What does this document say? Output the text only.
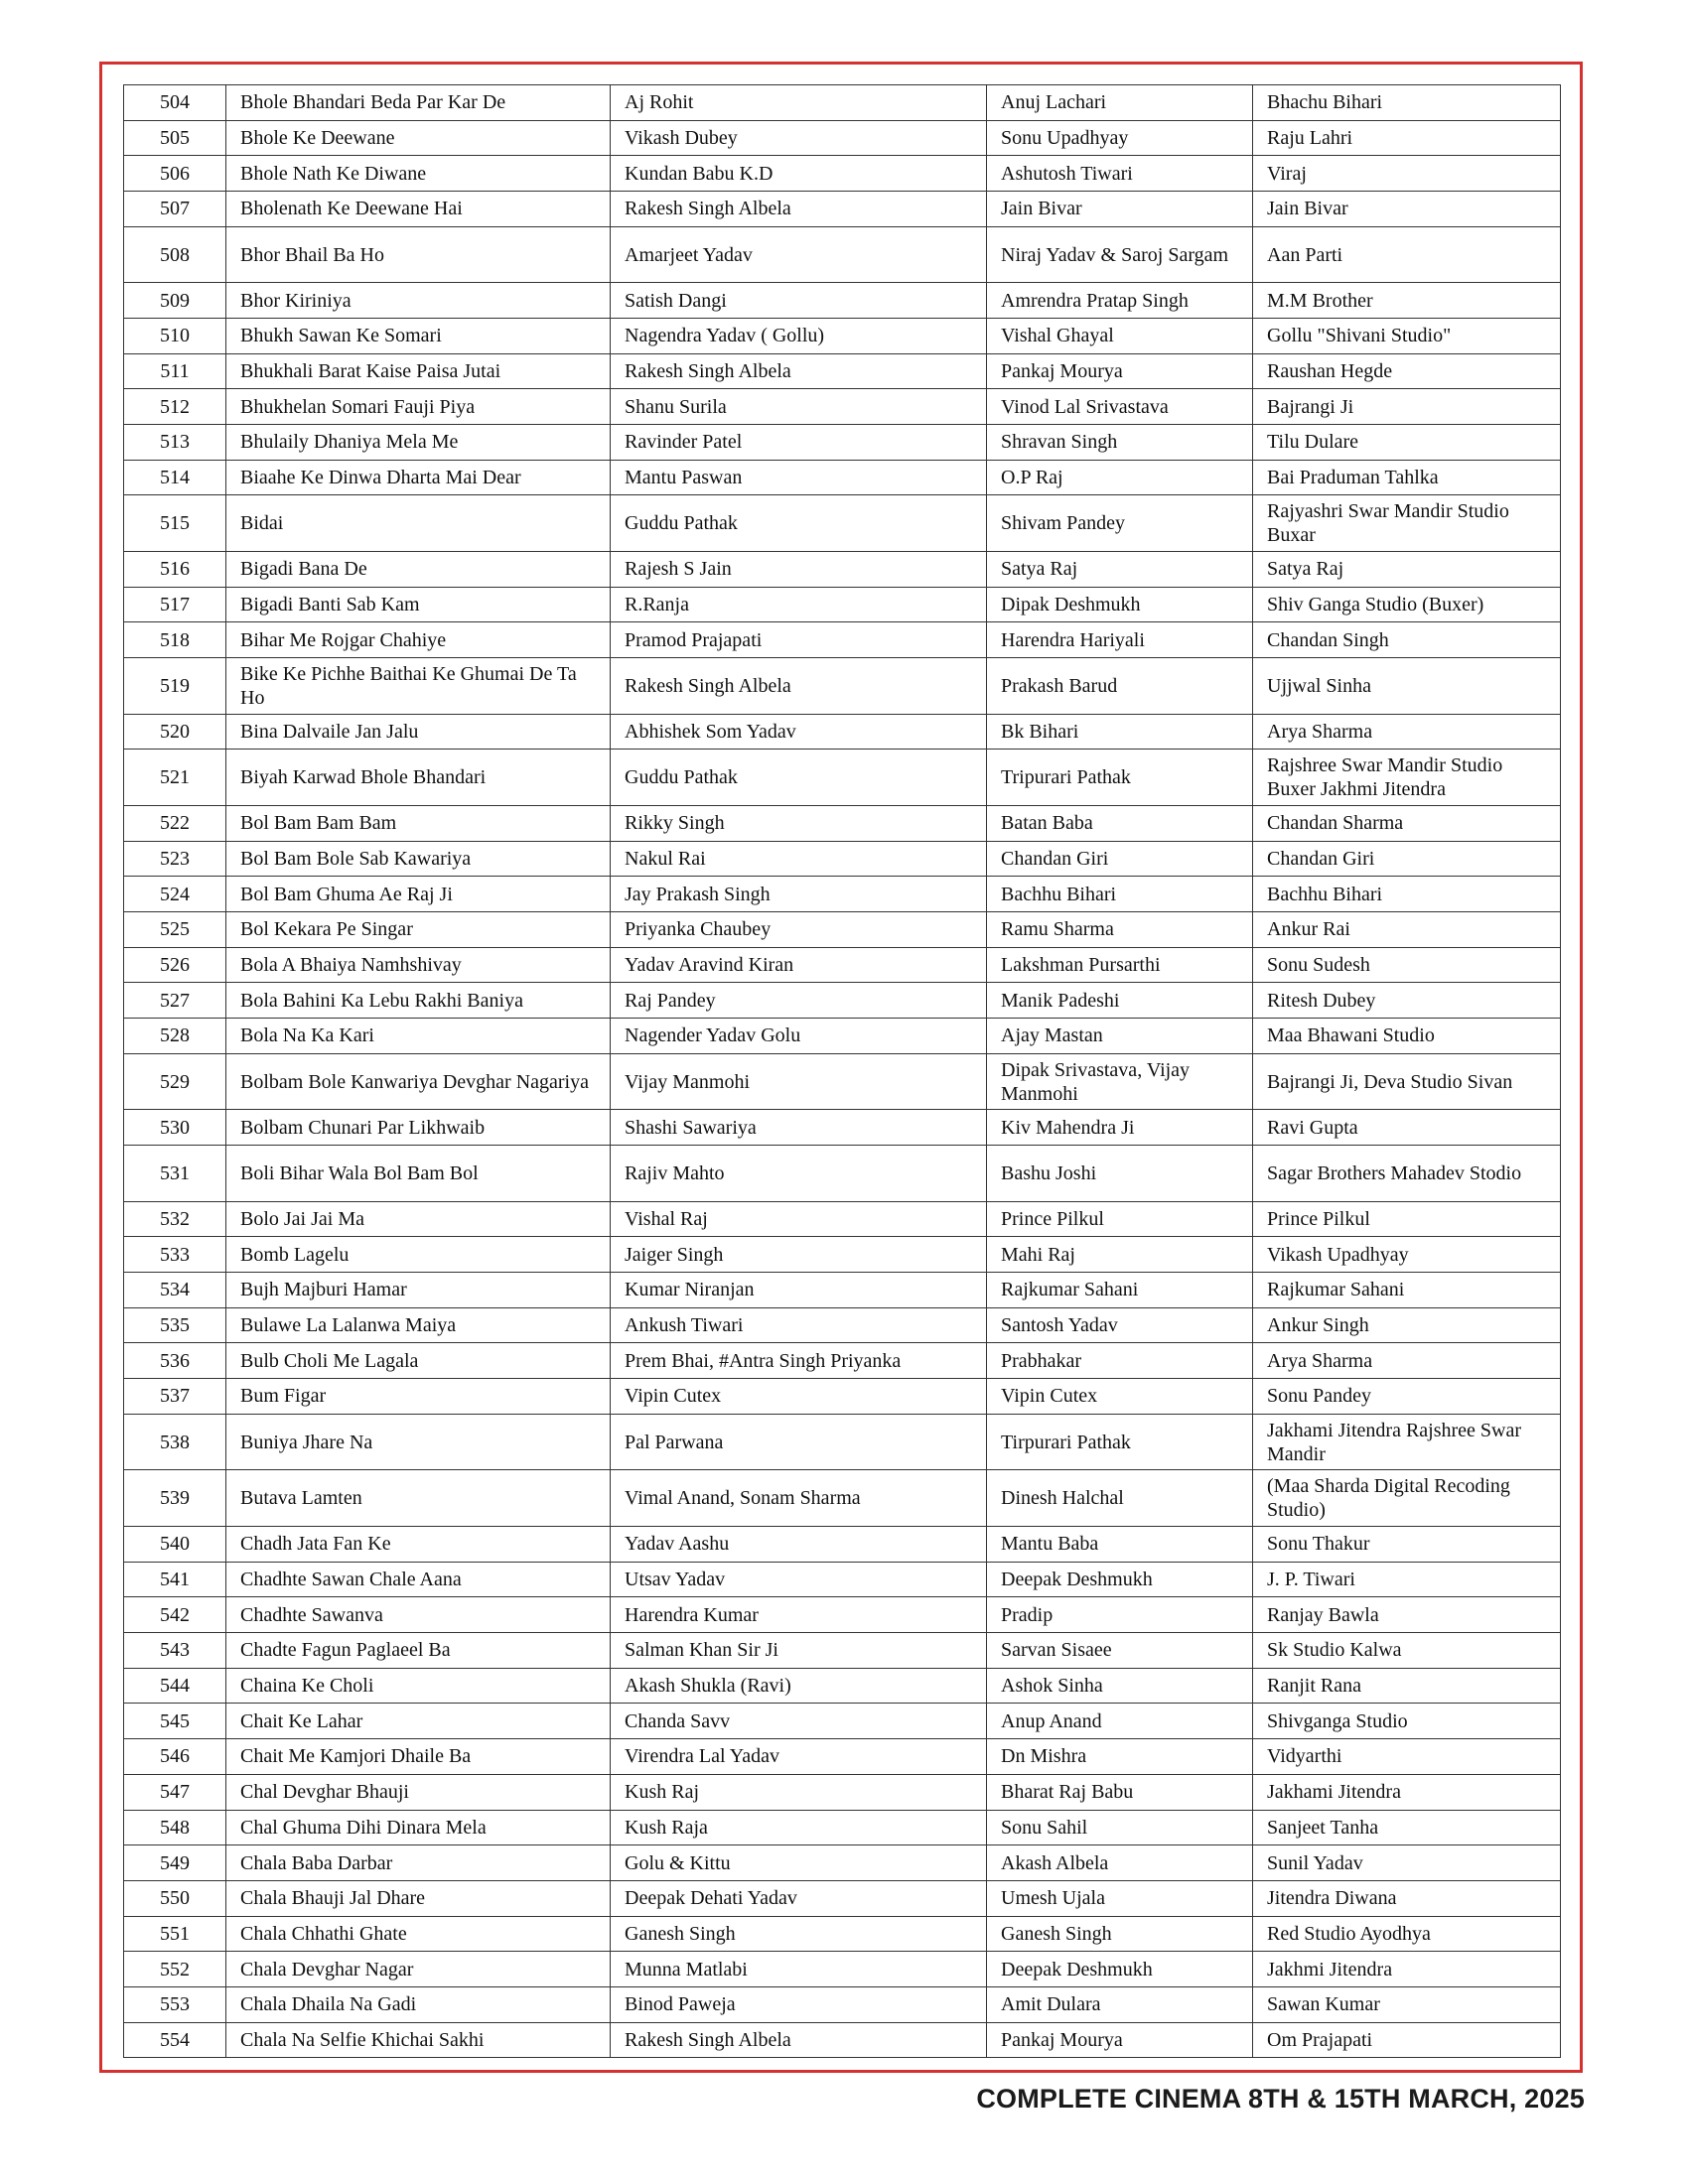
504	Bhole Bhandari Beda Par Kar De	Aj Rohit	Anuj Lachari	Bhachu Bihari
505	Bhole Ke Deewane	Vikash Dubey	Sonu Upadhyay	Raju Lahri
506	Bhole Nath Ke Diwane	Kundan Babu K.D	Ashutosh Tiwari	Viraj
507	Bholenath Ke Deewane Hai	Rakesh Singh Albela	Jain Bivar	Jain Bivar
508	Bhor Bhail Ba Ho	Amarjeet Yadav	Niraj Yadav & Saroj Sargam	Aan Parti
509	Bhor Kiriniya	Satish Dangi	Amrendra Pratap Singh	M.M Brother
510	Bhukh Sawan Ke Somari	Nagendra Yadav ( Gollu)	Vishal Ghayal	Gollu "Shivani Studio"
511	Bhukhali Barat Kaise Paisa Jutai	Rakesh Singh Albela	Pankaj Mourya	Raushan Hegde
512	Bhukhelan Somari Fauji Piya	Shanu Surila	Vinod Lal Srivastava	Bajrangi Ji
513	Bhulaily Dhaniya Mela Me	Ravinder Patel	Shravan Singh	Tilu Dulare
514	Biaahe Ke Dinwa Dharta Mai Dear	Mantu Paswan	O.P Raj	Bai Praduman Tahlka
515	Bidai	Guddu Pathak	Shivam Pandey	Rajyashri Swar Mandir Studio Buxar
516	Bigadi Bana De	Rajesh S Jain	Satya Raj	Satya Raj
517	Bigadi Banti Sab Kam	R.Ranja	Dipak Deshmukh	Shiv Ganga Studio (Buxer)
518	Bihar Me Rojgar Chahiye	Pramod Prajapati	Harendra Hariyali	Chandan Singh
519	Bike Ke Pichhe Baithai Ke Ghumai De Ta Ho	Rakesh Singh Albela	Prakash Barud	Ujjwal Sinha
520	Bina Dalvaile Jan Jalu	Abhishek Som Yadav	Bk Bihari	Arya Sharma
521	Biyah Karwad Bhole Bhandari	Guddu Pathak	Tripurari Pathak	Rajshree Swar Mandir Studio Buxer Jakhmi Jitendra
522	Bol Bam Bam Bam	Rikky Singh	Batan Baba	Chandan Sharma
523	Bol Bam Bole Sab Kawariya	Nakul Rai	Chandan Giri	Chandan Giri
524	Bol Bam Ghuma Ae Raj Ji	Jay Prakash Singh	Bachhu Bihari	Bachhu Bihari
525	Bol Kekara Pe Singar	Priyanka Chaubey	Ramu Sharma	Ankur Rai
526	Bola A Bhaiya Namhshivay	Yadav Aravind Kiran	Lakshman Pursarthi	Sonu Sudesh
527	Bola Bahini Ka Lebu Rakhi Baniya	Raj Pandey	Manik Padeshi	Ritesh Dubey
528	Bola Na Ka Kari	Nagender Yadav Golu	Ajay Mastan	Maa Bhawani Studio
529	Bolbam Bole Kanwariya Devghar Nagariya	Vijay Manmohi	Dipak Srivastava, Vijay Manmohi	Bajrangi Ji, Deva Studio Sivan
530	Bolbam Chunari Par Likhwaib	Shashi Sawariya	Kiv Mahendra Ji	Ravi Gupta
531	Boli Bihar Wala Bol Bam Bol	Rajiv Mahto	Bashu Joshi	Sagar Brothers Mahadev Stodio
532	Bolo Jai Jai Ma	Vishal Raj	Prince Pilkul	Prince Pilkul
533	Bomb Lagelu	Jaiger Singh	Mahi Raj	Vikash Upadhyay
534	Bujh Majburi Hamar	Kumar Niranjan	Rajkumar Sahani	Rajkumar Sahani
535	Bulawe La Lalanwa Maiya	Ankush Tiwari	Santosh Yadav	Ankur Singh
536	Bulb Choli Me Lagala	Prem Bhai, #Antra Singh Priyanka	Prabhakar	Arya Sharma
537	Bum Figar	Vipin Cutex	Vipin Cutex	Sonu Pandey
538	Buniya Jhare Na	Pal Parwana	Tirpurari Pathak	Jakhami Jitendra Rajshree Swar Mandir
539	Butava Lamten	Vimal Anand, Sonam Sharma	Dinesh Halchal	(Maa Sharda Digital Recoding Studio)
540	Chadh Jata Fan Ke	Yadav Aashu	Mantu Baba	Sonu Thakur
541	Chadhte Sawan Chale Aana	Utsav Yadav	Deepak Deshmukh	J. P. Tiwari
542	Chadhte Sawanva	Harendra Kumar	Pradip	Ranjay Bawla
543	Chadte Fagun Paglaeel Ba	Salman Khan Sir Ji	Sarvan Sisaee	Sk Studio Kalwa
544	Chaina Ke Choli	Akash Shukla (Ravi)	Ashok Sinha	Ranjit Rana
545	Chait Ke Lahar	Chanda Savv	Anup Anand	Shivganga Studio
546	Chait Me Kamjori Dhaile Ba	Virendra Lal Yadav	Dn Mishra	Vidyarthi
547	Chal Devghar Bhauji	Kush Raj	Bharat Raj Babu	Jakhami Jitendra
548	Chal Ghuma Dihi Dinara Mela	Kush Raja	Sonu Sahil	Sanjeet Tanha
549	Chala Baba Darbar	Golu & Kittu	Akash Albela	Sunil Yadav
550	Chala Bhauji Jal Dhare	Deepak Dehati Yadav	Umesh Ujala	Jitendra Diwana
551	Chala Chhathi Ghate	Ganesh Singh	Ganesh Singh	Red Studio Ayodhya
552	Chala Devghar Nagar	Munna Matlabi	Deepak Deshmukh	Jakhmi Jitendra
553	Chala Dhaila Na Gadi	Binod Paweja	Amit Dulara	Sawan Kumar
554	Chala Na Selfie Khichai Sakhi	Rakesh Singh Albela	Pankaj Mourya	Om Prajapati
COMPLETE CINEMA 8TH & 15TH MARCH, 2025
